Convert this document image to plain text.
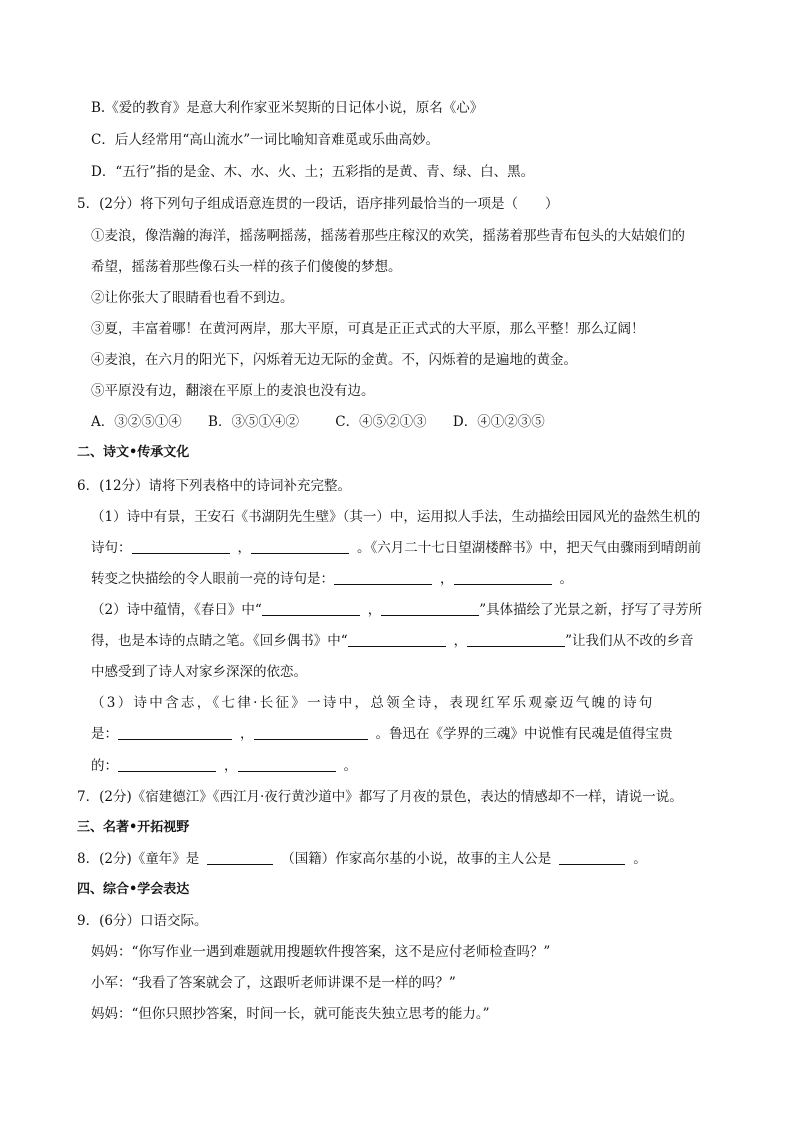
B.《爱的教育》是意大利作家亚米契斯的日记体小说，原名《心》
C．后人经常用“高山流水”一词比喻知音难觅或乐曲高妙。
D．“五行”指的是金、木、水、火、土；五彩指的是黄、青、绿、白、黑。
5．(2分）将下列句子组成语意连贯的一段话，语序排列最恰当的一项是（　　）
①麦浪，像浩瀚的海洋，摇荡啊摇荡，摇荡着那些庄稼汉的欢笑，摇荡着那些青布包头的大姑娘们的
希望，摇荡着那些像石头一样的孩子们傻傻的梦想。
②让你张大了眼睛看也看不到边。
③夏，丰富着哪！在黄河两岸，那大平原，可真是正正式式的大平原，那么平整！那么辽阔！
④麦浪，在六月的阳光下，闪烁着无边无际的金黄。不，闪烁着的是遍地的黄金。
⑤平原没有边，翻滚在平原上的麦浪也没有边。
A．③②⑤①④ B．③⑤①④②	C．④⑤②①③ D．④①②③⑤
二、诗文•传承文化
6．(12分）请将下列表格中的诗词补充完整。
（1）诗中有景，王安石《书湖阴先生壁》（其一）中，运用拟人手法，生动描绘田园风光的盎然生机的
诗句：	，	。《六月二十七日望湖楼醉书》中，把天气由骤雨到晴朗前
转变之快描绘的令人眼前一亮的诗句是：	，	。
（2）诗中蕴情，《春日》中“	，	”具体描绘了光景之新，抒写了寻芳所
得，也是本诗的点睛之笔。《回乡偶书》中“	，	”让我们从不改的乡音
中感受到了诗人对家乡深深的依恋。
（3）诗中含志，《七律·长征》一诗中，总领全诗，表现红军乐观豪迈气魄的诗句
是：	，	。鲁迅在《学界的三魂》中说惟有民魂是值得宝贵
的：	，	。
7．(2分)《宿建德江》《西江月·夜行黄沙道中》都写了月夜的景色，表达的情感却不一样，请说一说。
三、名著•开拓视野
8．(2分)《童年》是	（国籍）作家高尔基的小说，故事的主人公是	。
四、综合•学会表达
9．(6分）口语交际。
妈妈：“你写作业一遇到难题就用搜题软件搜答案，这不是应付老师检查吗？”
小军：“我看了答案就会了，这跟听老师讲课不是一样的吗？”
妈妈：“但你只照抄答案，时间一长，就可能丧失独立思考的能力。”
